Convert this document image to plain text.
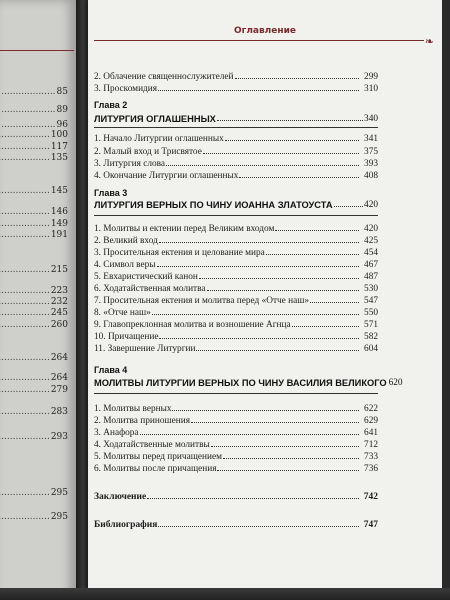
..... 85
..... 89
..... 96
..... 100
..... 117
..... 135
..... 145
..... 146
..... 149
..... 191
..... 215
..... 223
..... 232
..... 245
..... 260
..... 264
..... 264
..... 279
..... 283
..... 293
..... 295
..... 295
Оглавление
❧
2. Облачение священнослужителей	299
3. Проскомидия	310
Глава 2
ЛИТУРГИЯ ОГЛАШЕННЫХ	340
1. Начало Литургии оглашенных	341
2. Малый вход и Трисвятое	375
3. Литургия слова	393
4. Окончание Литургии оглашенных	408
Глава 3
ЛИТУРГИЯ ВЕРНЫХ ПО ЧИНУ ИОАННА ЗЛАТОУСТА	420
1. Молитвы и ектении перед Великим входом	420
2. Великий вход	425
3. Просительная ектения и целование мира	454
4. Символ веры	467
5. Евхаристический канон	487
6. Ходатайственная молитва	530
7. Просительная ектения и молитва перед «Отче наш»	547
8. «Отче наш»	550
9. Главопреклонная молитва и возношение Агнца	571
10. Причащение	582
11. Завершение Литургии	604
Глава 4
МОЛИТВЫ ЛИТУРГИИ ВЕРНЫХ ПО ЧИНУ ВАСИЛИЯ ВЕЛИКОГО 620
1. Молитвы верных	622
2. Молитва приношения	629
3. Анафора	641
4. Ходатайственные молитвы	712
5. Молитвы перед причащением	733
6. Молитвы после причащения	736
Заключение	742
Библиография	747
